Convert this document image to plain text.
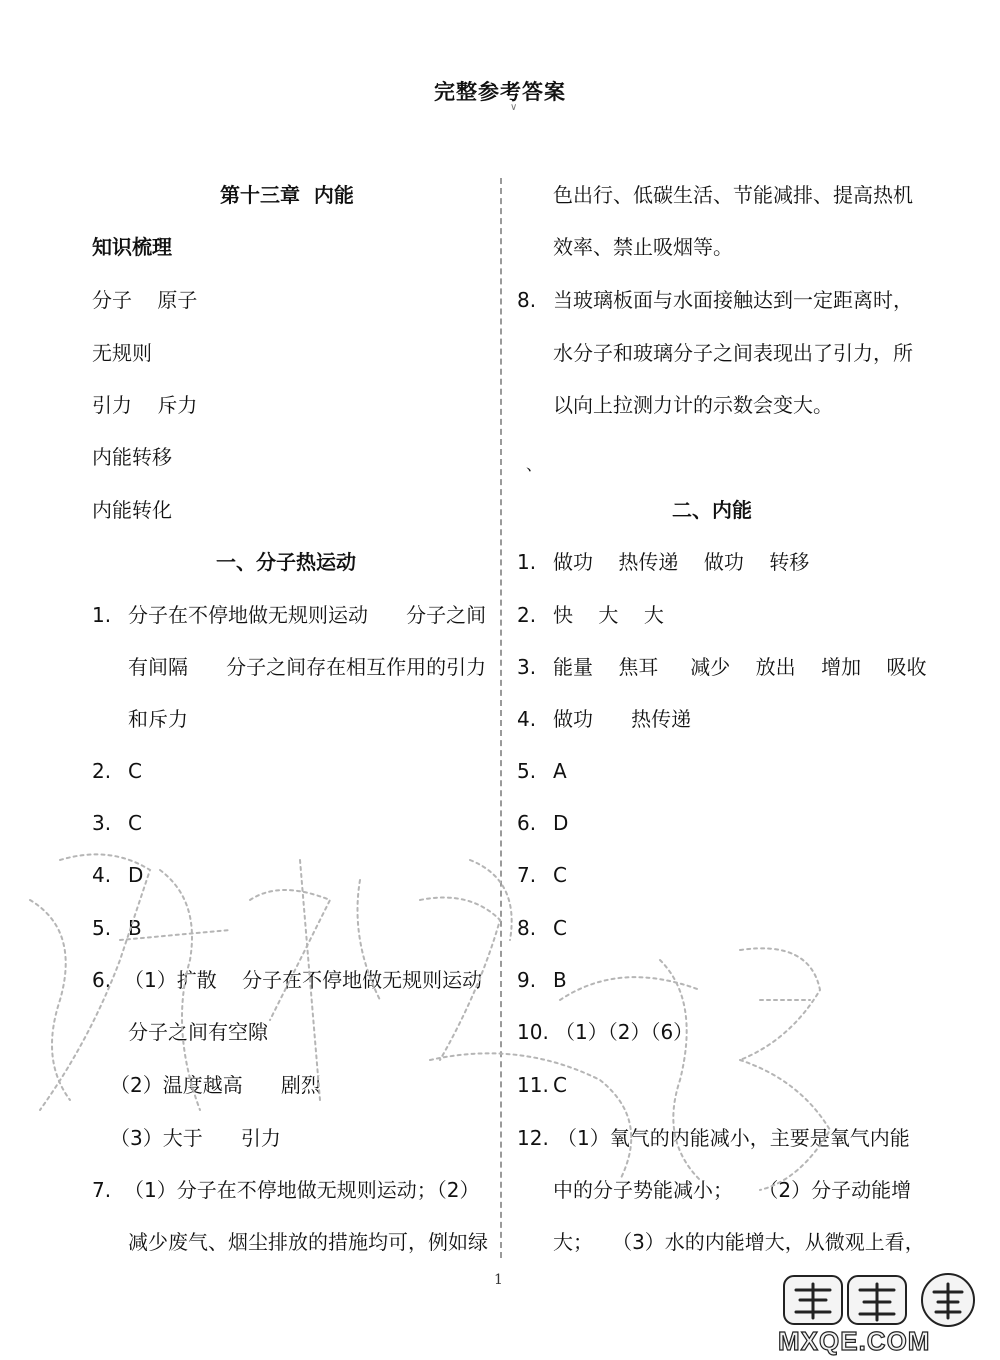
完整参考答案
∨
第十三章  内能
知识梳理
分子    原子
无规则
引力    斥力
内能转移
内能转化
一、分子热运动
1. 分子在不停地做无规则运动      分子之间
有间隔      分子之间存在相互作用的引力
和斥力
2. C
3. C
4. D
5. B
6. （1）扩散    分子在不停地做无规则运动
分子之间有空隙
（2）温度越高      剧烈
（3）大于      引力
7. （1）分子在不停地做无规则运动；（2）
减少废气、烟尘排放的措施均可，例如绿
色出行、低碳生活、节能减排、提高热机
效率、禁止吸烟等。
8. 当玻璃板面与水面接触达到一定距离时，
水分子和玻璃分子之间表现出了引力，所
以向上拉测力计的示数会变大。
、
二、内能
1. 做功    热传递    做功    转移
2. 快    大    大
3. 能量    焦耳     减少    放出    增加    吸收
4. 做功      热传递
5. A
6. D
7. C
8. C
9. B
10. （1）（2）（6）
11. C
12. （1）氧气的内能减小，主要是氧气内能
中的分子势能减小；    （2）分子动能增
大；   （3）水的内能增大，从微观上看，
1
MXQE.COM
